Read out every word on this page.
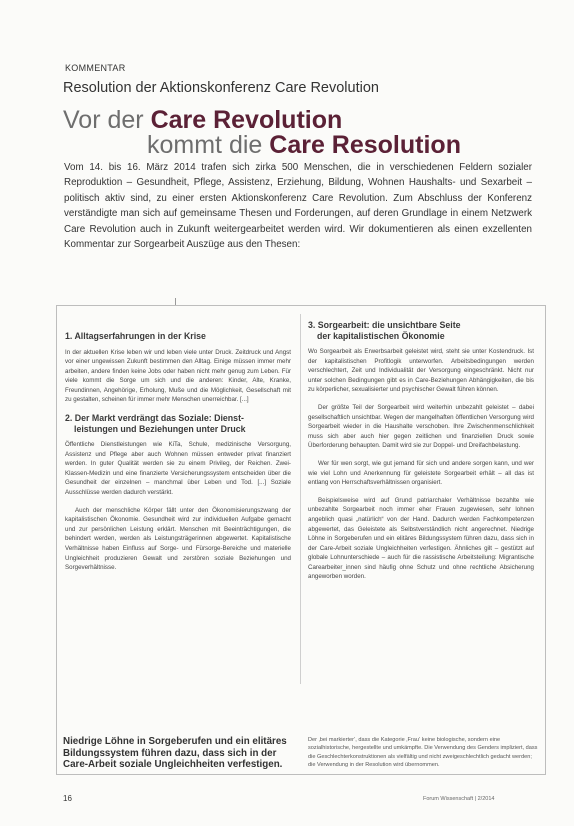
KOMMENTAR
Resolution der Aktionskonferenz Care Revolution
Vor der Care Revolution
kommt die Care Resolution
Vom 14. bis 16. März 2014 trafen sich zirka 500 Menschen, die in verschiedenen Feldern sozialer Reproduktion – Gesundheit, Pflege, Assistenz, Erziehung, Bildung, Wohnen Haushalts- und Sexarbeit – politisch aktiv sind, zu einer ersten Aktionskonferenz Care Revolution. Zum Abschluss der Konferenz verständigte man sich auf gemeinsame Thesen und Forderungen, auf deren Grundlage in einem Netzwerk Care Revolution auch in Zukunft weitergearbeitet werden wird. Wir dokumentieren als einen exzellenten Kommentar zur Sorgearbeit Auszüge aus den Thesen:
1. Alltagserfahrungen in der Krise

In der aktuellen Krise leben wir und leben viele unter Druck. Zeitdruck und Angst vor einer ungewissen Zukunft bestimmen den Alltag. Einige müssen immer mehr arbeiten, andere finden keine Jobs oder haben nicht mehr genug zum Leben. Für viele kommt die Sorge um sich und die anderen: Kinder, Alte, Kranke, Freundinnen, Angehörige, Erholung, Muße und die Möglichkeit, Gesellschaft mit zu gestalten, scheinen für immer mehr Menschen unerreichbar. [...]

2. Der Markt verdrängt das Soziale: Dienst-
leistungen und Beziehungen unter Druck

Öffentliche Dienstleistungen wie KiTa, Schule, medizinische Versorgung, Assistenz und Pflege aber auch Wohnen müssen entweder privat finanziert werden. In guter Qualität werden sie zu einem Privileg, der Reichen. Zwei-Klassen-Medizin und eine finanzierte Versicherungssystem entscheiden über die Gesundheit der einzelnen – manchmal über Leben und Tod. [...] Soziale Ausschlüsse werden dadurch verstärkt.

Auch der menschliche Körper fällt unter den Ökonomisierungszwang der kapitalistischen Ökonomie. Gesundheit wird zur individuellen Aufgabe gemacht und zur persönlichen Leistung erklärt. Menschen mit Beeinträchtigungen, die behindert werden, werden als Leistungsträgerinnen abgewertet. Kapitalistische Verhältnisse haben Einfluss auf Sorge- und Fürsorge-Bereiche und materielle Ungleichheit produzieren Gewalt und zerstören soziale Beziehungen und Sorgeverhältnisse.

3. Sorgearbeit: die unsichtbare Seite
der kapitalistischen Ökonomie

Wo Sorgearbeit als Erwerbsarbeit geleistet wird, steht sie unter Kostendruck. Ist der kapitalistischen Profitlogik unterworfen. Arbeitsbedingungen werden verschlechtert, Zeit und Individualität der Versorgung eingeschränkt. Nicht nur unter solchen Bedingungen gibt es in Care-Beziehungen Abhängigkeiten, die bis zu körperlicher, sexualisierter und psychischer Gewalt führen können.

Der größte Teil der Sorgearbeit wird weiterhin unbezahlt geleistet – dabei gesellschaftlich unsichtbar. Wegen der mangelhaften öffentlichen Versorgung wird Sorgearbeit wieder in die Haushalte verschoben. Ihre Zwischenmenschlichkeit muss sich aber auch hier gegen zeitlichen und finanziellen Druck sowie Überforderung behaupten. Damit wird sie zur Doppel- und Dreifachbelastung.

Wer für wen sorgt, wie gut jemand für sich und andere sorgen kann, und wer wie viel Lohn und Anerkennung für geleistete Sorgearbeit erhält – all das ist entlang von Herrschaftsverhältnissen organisiert.

Beispielsweise wird auf Grund patriarchaler Verhältnisse bezahlte wie unbezahlte Sorgearbeit noch immer eher Frauen zugewiesen, sehr lohnen angeblich quasi „natürlich“ von der Hand. Dadurch werden Fachkompetenzen abgewertet, das Geleistete als Selbstverständlich nicht angerechnet. Niedrige Löhne in Sorgeberufen und ein elitäres Bildungssystem führen dazu, dass sich in der Care-Arbeit soziale Ungleichheiten verfestigen. Ähnliches gilt – gestützt auf globale Lohnunterschiede – auch für die rassistische Arbeitsteilung: Migrantische Carearbeiter_innen sind häufig ohne Schutz und ohne rechtliche Absicherung angeworben worden.

Niedrige Löhne in Sorgeberufen und ein elitäres Bildungssystem führen dazu, dass sich in der Care-Arbeit soziale Ungleichheiten verfestigen.
Der ‚bei markierter‘, dass die Kategorie ‚Frau‘ keine biologische, sondern eine sozialhistorische, hergestellte und umkämpfte. Die Verwendung des Genders impliziert, dass die Geschlechterkonstruktionen als vielfältig und nicht zweigeschlechtlich gedacht werden; die Verwendung in der Resolution wird übernommen.
16	Forum Wissenschaft | 2/2014
